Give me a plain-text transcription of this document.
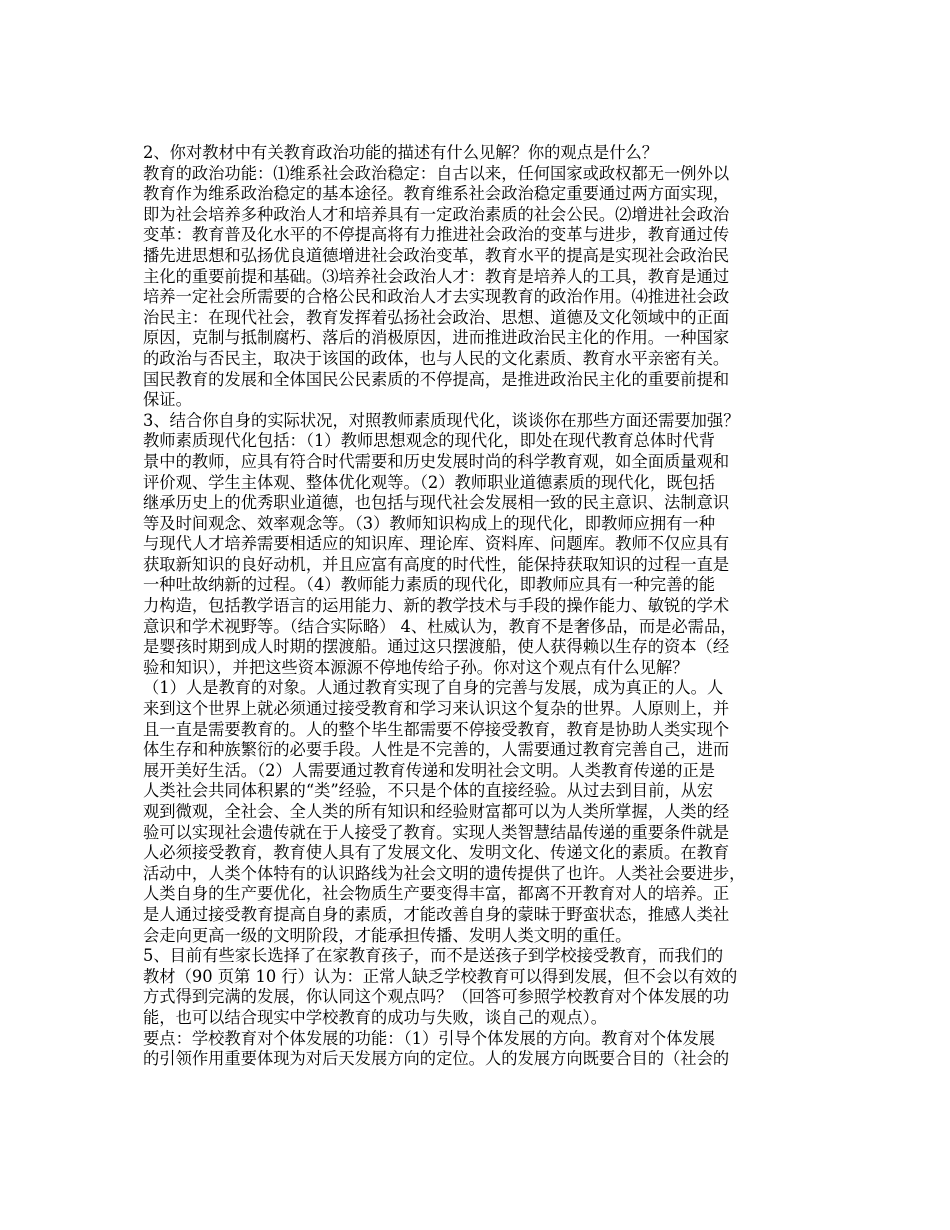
2、你对教材中有关教育政治功能的描述有什么见解？你的观点是什么？
教育的政治功能：⑴维系社会政治稳定：自古以来，任何国家或政权都无一例外以
教育作为维系政治稳定的基本途径。教育维系社会政治稳定重要通过两方面实现，
即为社会培养多种政治人才和培养具有一定政治素质的社会公民。⑵增进社会政治
变革：教育普及化水平的不停提高将有力推进社会政治的变革与进步，教育通过传
播先进思想和弘扬优良道德增进社会政治变革，教育水平的提高是实现社会政治民
主化的重要前提和基础。⑶培养社会政治人才：教育是培养人的工具，教育是通过
培养一定社会所需要的合格公民和政治人才去实现教育的政治作用。⑷推进社会政
治民主：在现代社会，教育发挥着弘扬社会政治、思想、道德及文化领域中的正面
原因，克制与抵制腐朽、落后的消极原因，进而推进政治民主化的作用。一种国家
的政治与否民主，取决于该国的政体，也与人民的文化素质、教育水平亲密有关。
国民教育的发展和全体国民公民素质的不停提高，是推进政治民主化的重要前提和
保证。
3、结合你自身的实际状况，对照教师素质现代化，谈谈你在那些方面还需要加强？
教师素质现代化包括：（1）教师思想观念的现代化，即处在现代教育总体时代背
景中的教师，应具有符合时代需要和历史发展时尚的科学教育观，如全面质量观和
评价观、学生主体观、整体优化观等。（2）教师职业道德素质的现代化，既包括
继承历史上的优秀职业道德，也包括与现代社会发展相一致的民主意识、法制意识
等及时间观念、效率观念等。（3）教师知识构成上的现代化，即教师应拥有一种
与现代人才培养需要相适应的知识库、理论库、资料库、问题库。教师不仅应具有
获取新知识的良好动机，并且应富有高度的时代性，能保持获取知识的过程一直是
一种吐故纳新的过程。（4）教师能力素质的现代化，即教师应具有一种完善的能
力构造，包括教学语言的运用能力、新的教学技术与手段的操作能力、敏锐的学术
意识和学术视野等。（结合实际略） 4、杜威认为，教育不是奢侈品，而是必需品，
是婴孩时期到成人时期的摆渡船。通过这只摆渡船，使人获得赖以生存的资本（经
验和知识），并把这些资本源源不停地传给子孙。你对这个观点有什么见解？
（1）人是教育的对象。人通过教育实现了自身的完善与发展，成为真正的人。人
来到这个世界上就必须通过接受教育和学习来认识这个复杂的世界。人原则上，并
且一直是需要教育的。人的整个毕生都需要不停接受教育，教育是协助人类实现个
体生存和种族繁衍的必要手段。人性是不完善的，人需要通过教育完善自己，进而
展开美好生活。（2）人需要通过教育传递和发明社会文明。人类教育传递的正是
人类社会共同体积累的“类”经验，不只是个体的直接经验。从过去到目前，从宏
观到微观，全社会、全人类的所有知识和经验财富都可以为人类所掌握，人类的经
验可以实现社会遗传就在于人接受了教育。实现人类智慧结晶传递的重要条件就是
人必须接受教育，教育使人具有了发展文化、发明文化、传递文化的素质。在教育
活动中，人类个体特有的认识路线为社会文明的遗传提供了也许。人类社会要进步，
人类自身的生产要优化，社会物质生产要变得丰富，都离不开教育对人的培养。正
是人通过接受教育提高自身的素质，才能改善自身的蒙昧于野蛮状态，推感人类社
会走向更高一级的文明阶段，才能承担传播、发明人类文明的重任。
5、目前有些家长选择了在家教育孩子，而不是送孩子到学校接受教育，而我们的
教材（90 页第 10 行）认为：正常人缺乏学校教育可以得到发展，但不会以有效的
方式得到完满的发展，你认同这个观点吗？（回答可参照学校教育对个体发展的功
能，也可以结合现实中学校教育的成功与失败，谈自己的观点）。
要点：学校教育对个体发展的功能：（1）引导个体发展的方向。教育对个体发展
的引领作用重要体现为对后天发展方向的定位。人的发展方向既要合目的（社会的
